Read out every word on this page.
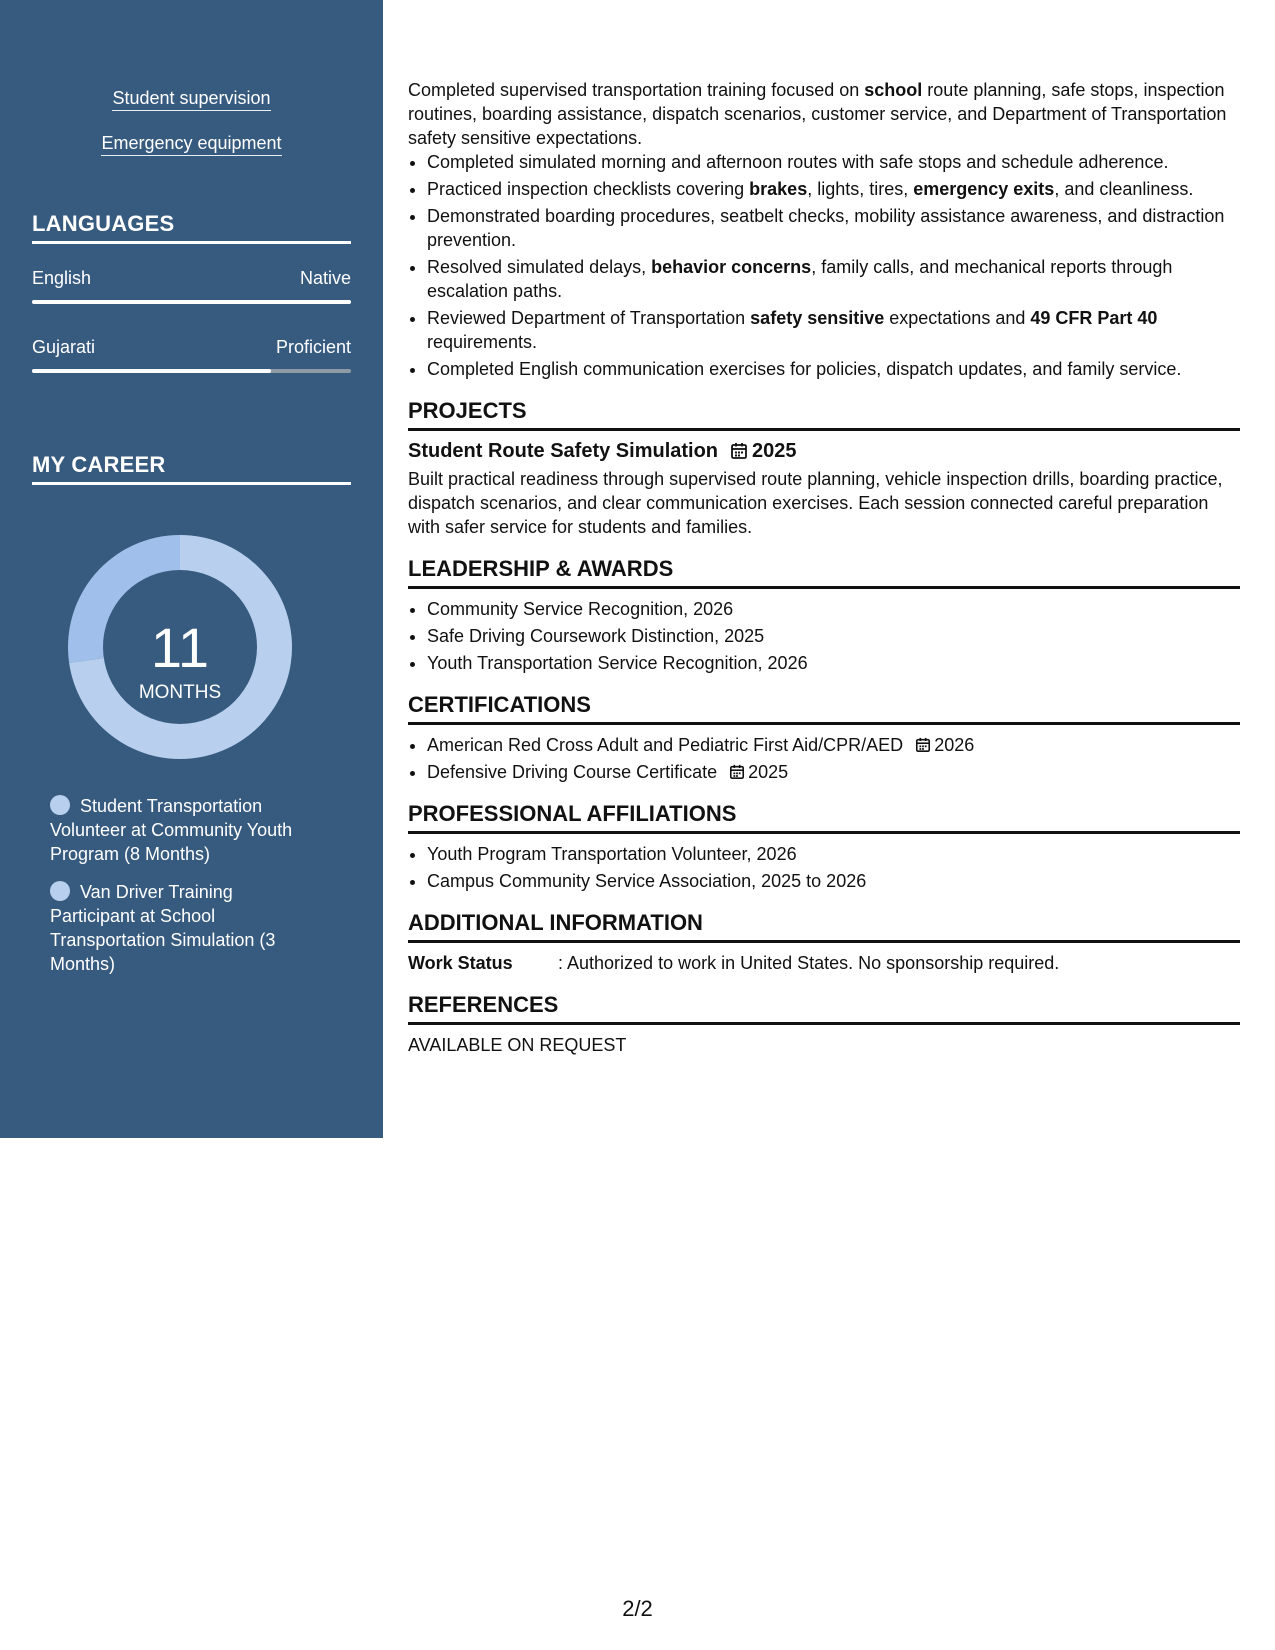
Student supervision
Emergency equipment
LANGUAGES
English	Native
Gujarati	Proficient
MY CAREER
11
MONTHS
Student Transportation Volunteer at Community Youth Program (8 Months)
Van Driver Training Participant at School Transportation Simulation (3 Months)

Completed supervised transportation training focused on school route planning, safe stops, inspection routines, boarding assistance, dispatch scenarios, customer service, and Department of Transportation safety sensitive expectations.

• Completed simulated morning and afternoon routes with safe stops and schedule adherence.
• Practiced inspection checklists covering brakes, lights, tires, emergency exits, and cleanliness.
• Demonstrated boarding procedures, seatbelt checks, mobility assistance awareness, and distraction prevention.
• Resolved simulated delays, behavior concerns, family calls, and mechanical reports through escalation paths.
• Reviewed Department of Transportation safety sensitive expectations and 49 CFR Part 40 requirements.
• Completed English communication exercises for policies, dispatch updates, and family service.
PROJECTS
Student Route Safety Simulation 2025

Built practical readiness through supervised route planning, vehicle inspection drills, boarding practice, dispatch scenarios, and clear communication exercises. Each session connected careful preparation with safer service for students and families.

LEADERSHIP & AWARDS
• Community Service Recognition, 2026
• Safe Driving Coursework Distinction, 2025
• Youth Transportation Service Recognition, 2026
CERTIFICATIONS
• American Red Cross Adult and Pediatric First Aid/CPR/AED 2026
• Defensive Driving Course Certificate 2025
PROFESSIONAL AFFILIATIONS
• Youth Program Transportation Volunteer, 2026
• Campus Community Service Association, 2025 to 2026
ADDITIONAL INFORMATION
Work Status	: Authorized to work in United States. No sponsorship required.
REFERENCES

AVAILABLE ON REQUEST

2/2
